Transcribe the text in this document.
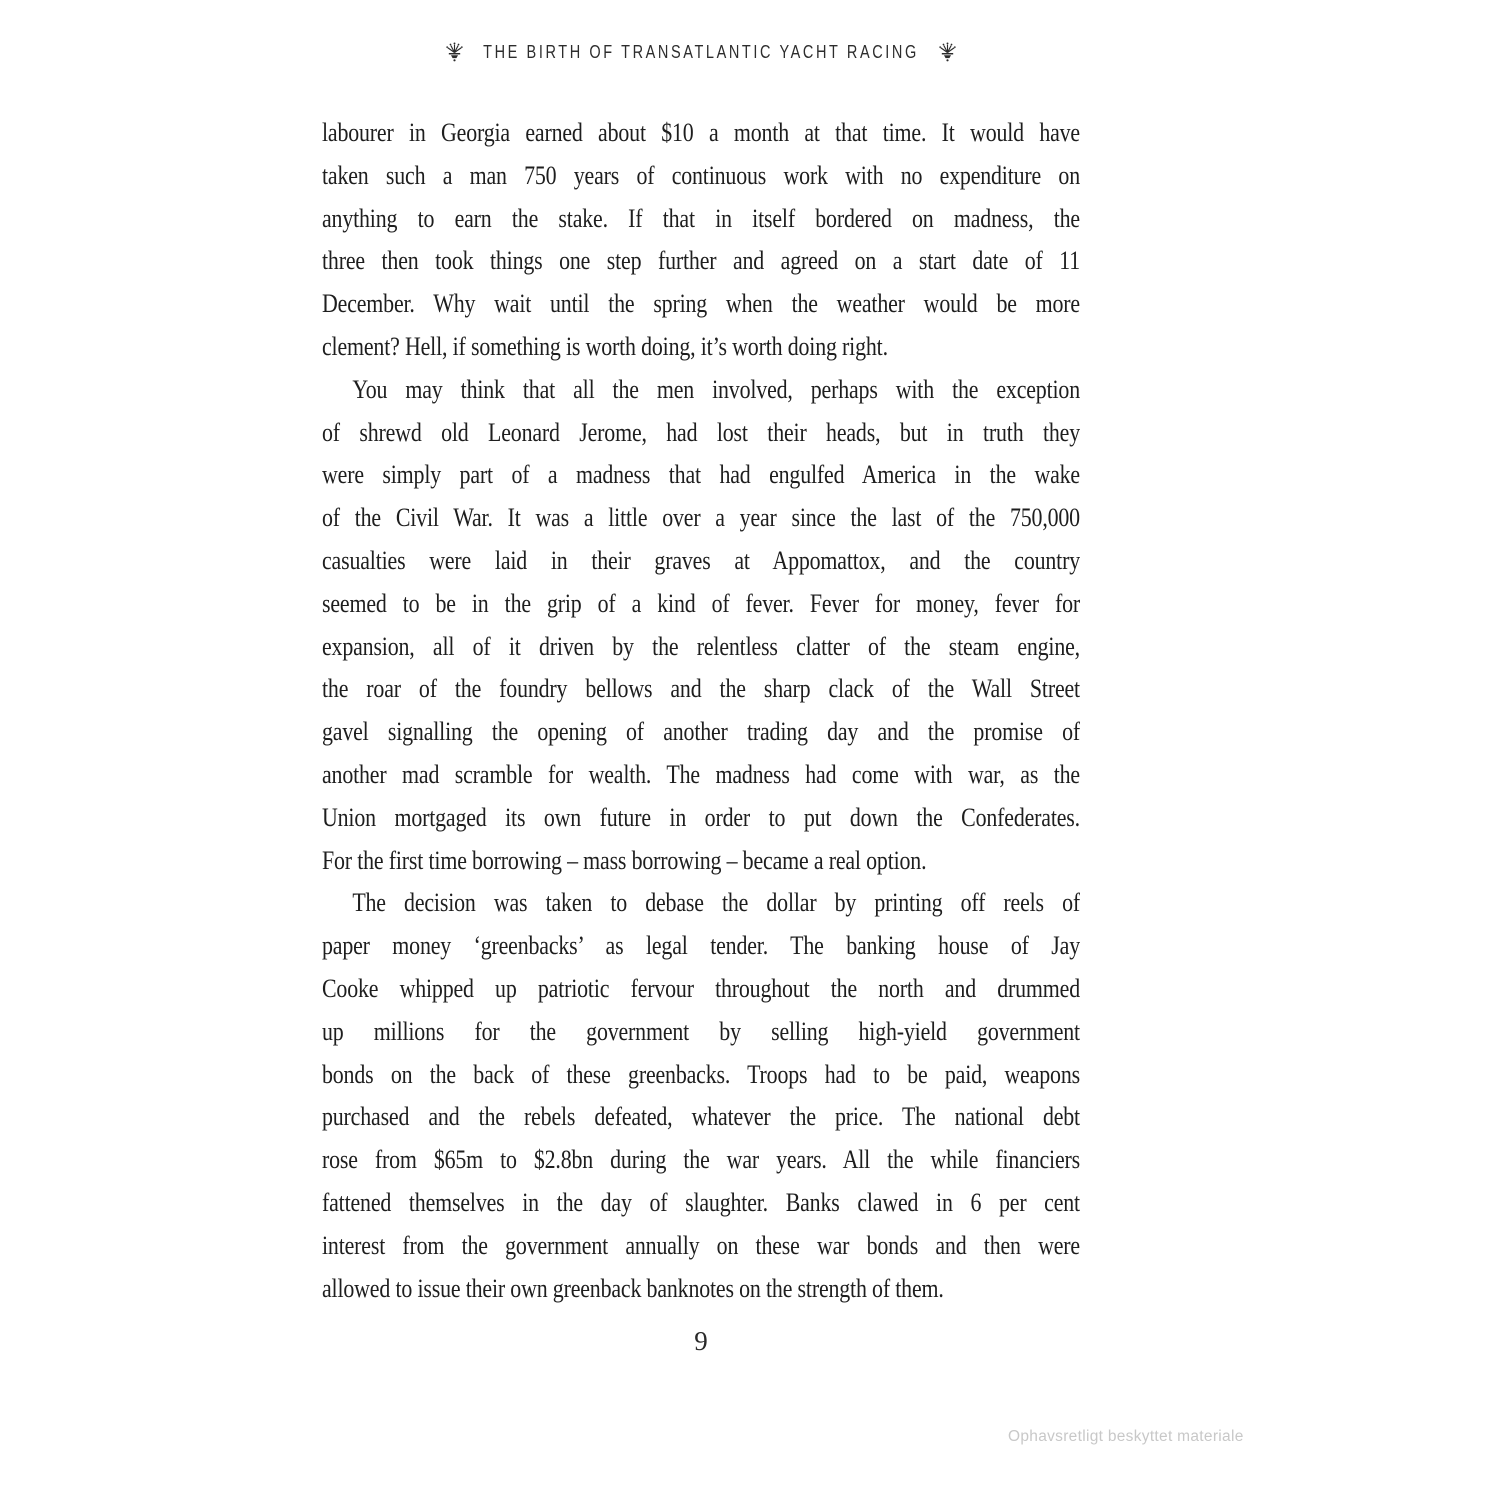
THE BIRTH OF TRANSATLANTIC YACHT RACING
labourer in Georgia earned about $10 a month at that time. It would have
taken such a man 750 years of continuous work with no expenditure on
anything to earn the stake. If that in itself bordered on madness, the
three then took things one step further and agreed on a start date of 11
December. Why wait until the spring when the weather would be more
clement? Hell, if something is worth doing, it’s worth doing right.
You may think that all the men involved, perhaps with the exception
of shrewd old Leonard Jerome, had lost their heads, but in truth they
were simply part of a madness that had engulfed America in the wake
of the Civil War. It was a little over a year since the last of the 750,000
casualties were laid in their graves at Appomattox, and the country
seemed to be in the grip of a kind of fever. Fever for money, fever for
expansion, all of it driven by the relentless clatter of the steam engine,
the roar of the foundry bellows and the sharp clack of the Wall Street
gavel signalling the opening of another trading day and the promise of
another mad scramble for wealth. The madness had come with war, as the
Union mortgaged its own future in order to put down the Confederates.
For the first time borrowing – mass borrowing – became a real option.
The decision was taken to debase the dollar by printing off reels of
paper money ‘greenbacks’ as legal tender. The banking house of Jay
Cooke whipped up patriotic fervour throughout the north and drummed
up millions for the government by selling high-yield government
bonds on the back of these greenbacks. Troops had to be paid, weapons
purchased and the rebels defeated, whatever the price. The national debt
rose from $65m to $2.8bn during the war years. All the while financiers
fattened themselves in the day of slaughter. Banks clawed in 6 per cent
interest from the government annually on these war bonds and then were
allowed to issue their own greenback banknotes on the strength of them.
9
Ophavsretligt beskyttet materiale
